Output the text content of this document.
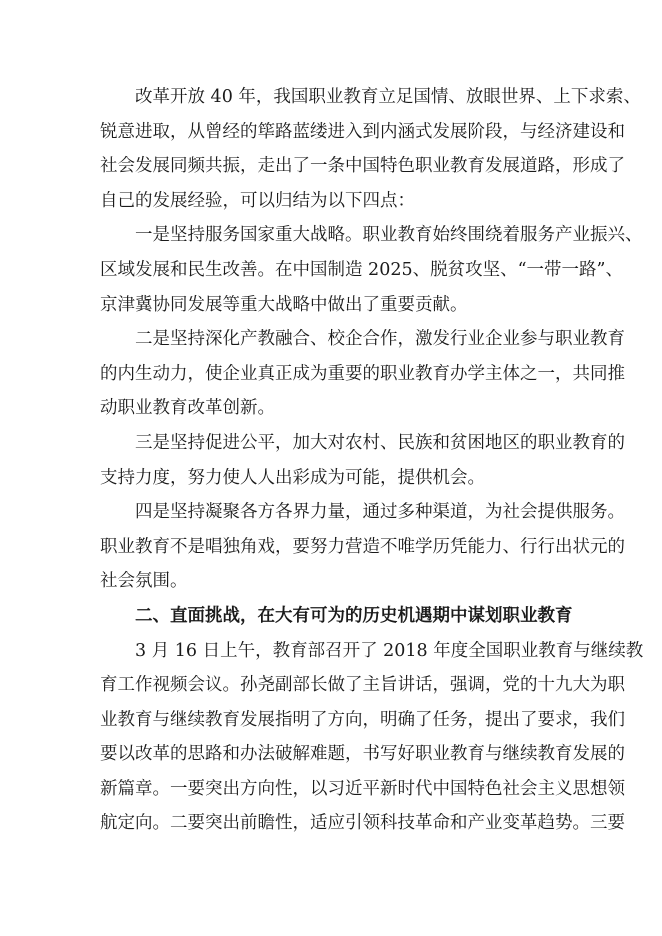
改革开放 40 年，我国职业教育立足国情、放眼世界、上下求索、
锐意进取，从曾经的筚路蓝缕进入到内涵式发展阶段，与经济建设和
社会发展同频共振，走出了一条中国特色职业教育发展道路，形成了
自己的发展经验，可以归结为以下四点：
一是坚持服务国家重大战略。职业教育始终围绕着服务产业振兴、
区域发展和民生改善。在中国制造 2025、脱贫攻坚、“一带一路”、
京津冀协同发展等重大战略中做出了重要贡献。
二是坚持深化产教融合、校企合作，激发行业企业参与职业教育
的内生动力，使企业真正成为重要的职业教育办学主体之一，共同推
动职业教育改革创新。
三是坚持促进公平，加大对农村、民族和贫困地区的职业教育的
支持力度，努力使人人出彩成为可能，提供机会。
四是坚持凝聚各方各界力量，通过多种渠道，为社会提供服务。
职业教育不是唱独角戏，要努力营造不唯学历凭能力、行行出状元的
社会氛围。
二、直面挑战，在大有可为的历史机遇期中谋划职业教育
3 月 16 日上午，教育部召开了 2018 年度全国职业教育与继续教
育工作视频会议。孙尧副部长做了主旨讲话，强调，党的十九大为职
业教育与继续教育发展指明了方向，明确了任务，提出了要求，我们
要以改革的思路和办法破解难题，书写好职业教育与继续教育发展的
新篇章。一要突出方向性，以习近平新时代中国特色社会主义思想领
航定向。二要突出前瞻性，适应引领科技革命和产业变革趋势。三要
